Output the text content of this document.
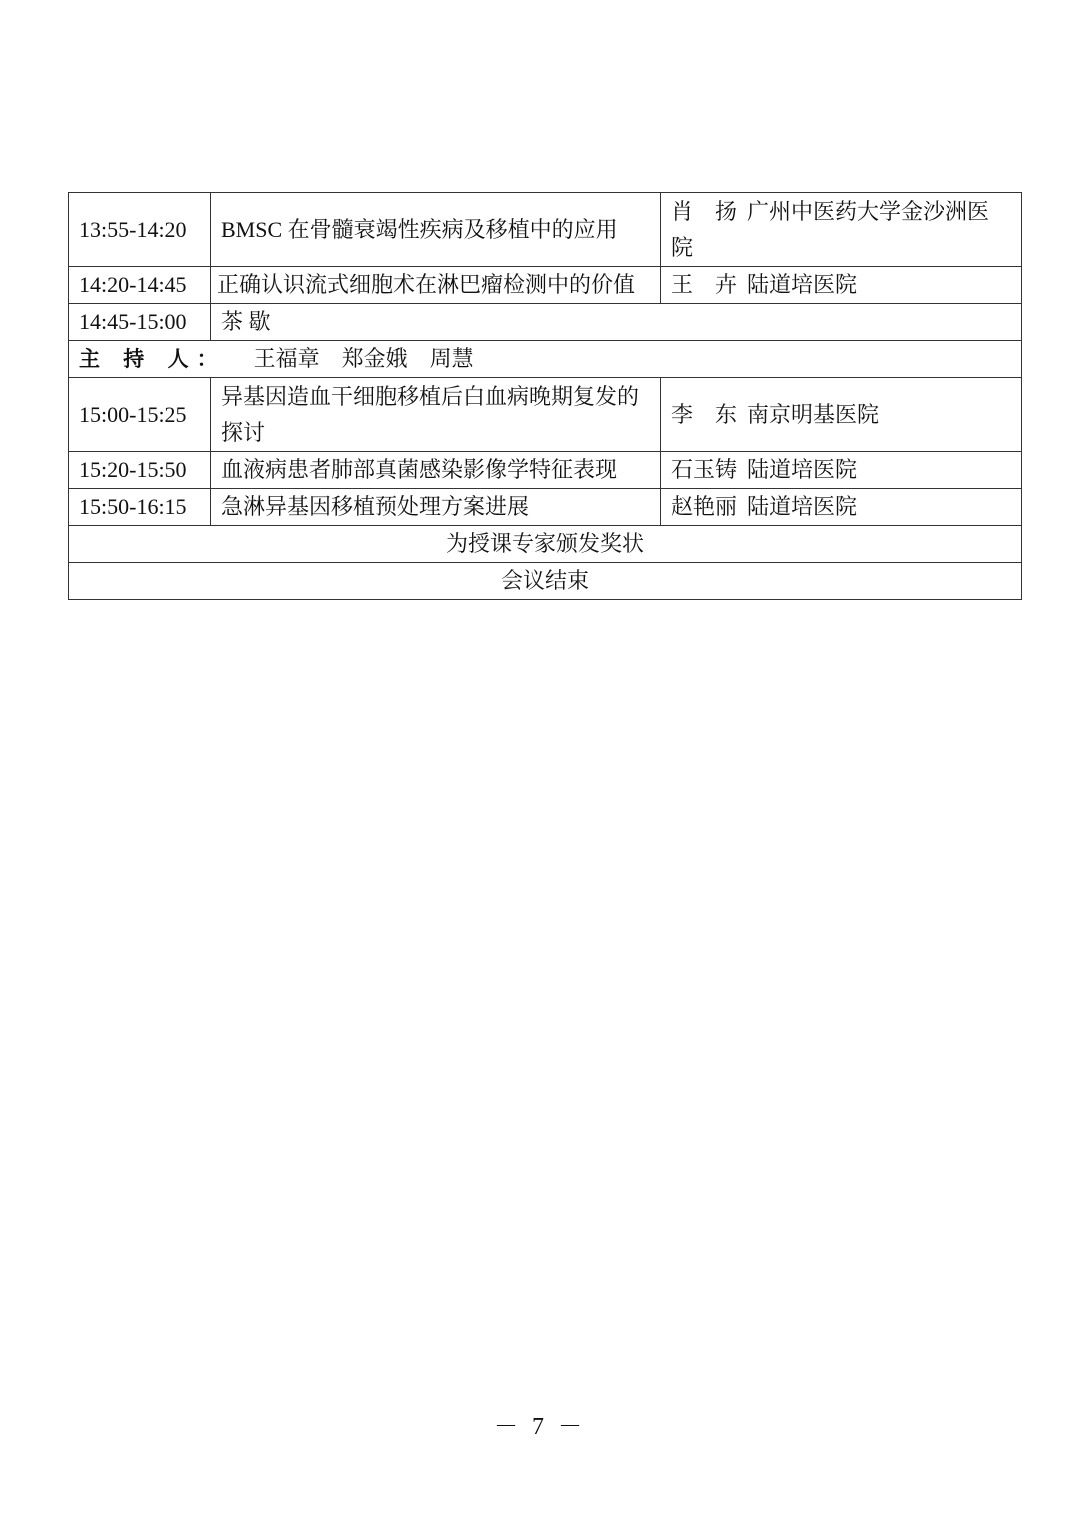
13:55-14:20	BMSC 在骨髓衰竭性疾病及移植中的应用	肖　扬 广州中医药大学金沙洲医院
14:20-14:45	正确认识流式细胞术在淋巴瘤检测中的价值	王　卉 陆道培医院
14:45-15:00	茶 歇	
主 持 人： 王福章 郑金娥 周慧		
15:00-15:25	异基因造血干细胞移植后白血病晚期复发的探讨	李　东 南京明基医院
15:20-15:50	血液病患者肺部真菌感染影像学特征表现	石玉铸 陆道培医院
15:50-16:15	急淋异基因移植预处理方案进展	赵艳丽 陆道培医院
为授课专家颁发奖状		
会议结束		
－ 7 －
